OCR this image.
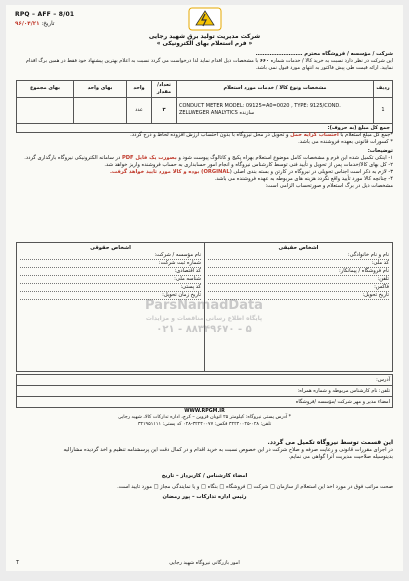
RPQ – AFF – 8/01
۹۶/۰۴/۲۱ :تاریخ
شرکت مدیریت تولید برق شهید رجایی
« فرم استعلام بهای الکترونیکی »
شرکت / مؤسسه / فروشگاه محترم ………………………
این شرکت در نظر دارد نسبت به خرید کالا / خدمات شماره ۶۶۰ با مشخصات ذیل اقدام نماید لذا درخواست می گردد نسبت به اعلام بهترین پیشنهاد خود فقط در همین برگ اقدام نمایید. ارائه قیمت طی پیش فاکتور به انتهای مورد قبول نمی باشد.
ردیف	مشخصات ونوع کالا / خدمات مورد استعلام	تعداد/ مقدار	واحد	بهای واحد	بهای مجموع
1	CONDUCT METER MODEL: 09125=A0=0020 , TYPE: 9125/COND. ZELLWEGER ANALYTICS سازنده	۳	عدد		
جمع کل مبلغ (به حروف):					
*جمع کل مبلغ استعلام با احتساب کرایه حمل و تحویل در محل نیروگاه با بدون احتساب ارزش افزوده لحاظ و درج گردد.
* کسورات قانونی بعهده فروشنده می باشد.
توضیحات:
۱- اینکی تکمیل شده این فرم و مشخصات کامل موضوع استعلام بهراه پکیج و کاتالوگ پیوست شود و بصورت یک فایل PDF در سامانه الکترونیکی نیروگاه بارگذاری گردد.
۲- کل بهای کالا/خدمات پس از تحویل و تأیید فنی توسط کارشناس نیروگاه و انجام امور حسابداری به حساب فروشنده واریز خواهد شد.
۳- لازم به ذکر است اجناس تحویلی در نیروگاه در کارتن و بسته بندی اصلی (ORGINAL) بوده و کالا مورد تایید خواهد گرفت.
۴- چنانچه کالا مورد تأیید واقع نگردد هزینه های مربوطه به عهده فروشنده می باشد.
مشخصات ذیل در برگ استعلام و صورتحساب الزامی است:
ParsNamadData
پایگاه اطلاع رسانی مناقصات و مزایدات
۰۲۱ - ۸۸۳۴۹۶۷۰ - ۵
اشخاص حقیقی
نام و نام خانوادگی:
کد ملی:
نام فروشگاه / پیمانکار:
تلفن:
فاکس:
تاریخ تحویل:
اشخاص حقوقی
نام مؤسسه / شرکت:
شماره ثبت شرکت:
کد اقتصادی:
شناسه ملی:
کد پستی:
تاریخ زمان تحویل:
آدرس:
تلفن: نام کارشناس مربوطه و شماره همراه:
امضاء مدیر و مهر شرکت /مؤسسه /فروشگاه
WWW.RPGM.IR
* آدرس پستی نیروگاه: کیلومتر ۲۵ اتوبان قزوین – کرج، اداره تدارکات کالا، شهید رجایی
تلفن: ۰۲۸-۳۲۲۴۰۰۴۵ فکس: ۳۲۲۴۰۰۷۷-۰۲۸ کد پستی: ۳۴۱۹۵۱۱۱۱
این قسمت توسط نیروگاه تکمیل می گردد.
در اجرای مقررات قانونی و رعایت صرفه و صلاح شرکت در این خصوص نسبت به خرید اقدام و در کمال دقت این پرسشنامه تنظیم و اخذ گردیده مشارالیه
بدینوسیله صلاحیت مدیریت آنرا گواهی می نمایم.
امضاء کارشناس / کاربرداز – تاریخ
صحت مراتب فوق در مورد اخذ این استعلام از سازمان □ شرکت □ فروشگاه □ بنگاه □ و یا نمایندگی مجاز □ مورد تایید است.
رئیس اداره تدارکات – پور رمضان
T	امور بازرگانی نیروگاه شهید رجایی
